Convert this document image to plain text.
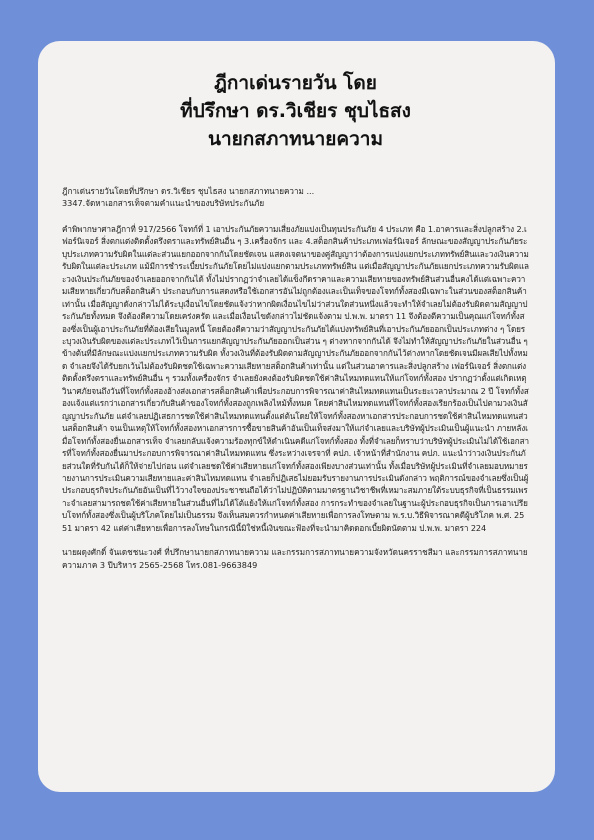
ฎีกาเด่นรายวัน โดย
ที่ปรึกษา ดร.วิเชียร ชุบไธสง
นายกสภาทนายความ
ฎีกาเด่นรายวันโดยที่ปรึกษา ดร.วิเชียร ชุบไธสง นายกสภาทนายความ ...
3347.จัดหาเอกสารเท็จตามคำแนะนำของบริษัทประกันภัย

คำพิพากษาศาลฎีกาที่ 917/2566 โจทก์ที่ 1 เอาประกันภัยความเสี่ยงภัยแบ่งเป็นทุนประกันภัย 4 ประเภท คือ 1.อาคารและสิ่งปลูกสร้าง 2.เฟอร์นิเจอร์ สิ่งตกแต่งติดตั้งตรึงตราและทรัพย์สินอื่น ๆ 3.เครื่องจักร และ 4.สต็อกสินค้าประเภทเฟอร์นิเจอร์ ลักษณะของสัญญาประกันภัยระบุประเภทความรับผิดในแต่ละส่วนแยกออกจากกันโดยชัดเจน แสดงเจตนาของคู่สัญญาว่าต้องการแบ่งแยกประเภททรัพย์สินและวงเงินความรับผิดในแต่ละประเภท แม้มีการชำระเบี้ยประกันภัยโดยไม่แบ่งแยกตามประเภททรัพย์สิน แต่เมื่อสัญญาประกันภัยแยกประเภทความรับผิดและวงเงินประกันภัยของจำเลยออกจากกันได้ ทั้งไม่ปรากฏว่าจำเลยได้แข็งกีดราคาและความเสียหายของทรัพย์สินส่วนอื่นคงได้แต่เฉพาะความเสียหายเกี่ยวกับสต็อกสินค้า ประกอบกับการแสดงหรือใช้เอกสารอันไม่ถูกต้องและเป็นเท็จของโจทก์ทั้งสองมีเฉพาะในส่วนของสต็อกสินค้าเท่านั้น เมื่อสัญญาดังกล่าวไม่ได้ระบุเงื่อนไขโดยชัดแจ้งว่าหากผิดเงื่อนไขไม่ว่าส่วนใดส่วนหนึ่งแล้วจะทำให้จำเลยไม่ต้องรับผิดตามสัญญาประกันภัยทั้งหมด จึงต้องตีความโดยเคร่งครัด และเมื่อเงื่อนไขดังกล่าวไม่ชัดแจ้งตาม ป.พ.พ. มาตรา 11 จึงต้องตีความเป็นคุณแก่โจทก์ทั้งสองซึ่งเป็นผู้เอาประกันภัยที่ต้องเสียในมูลหนี้ โดยต้องตีความว่าสัญญาประกันภัยได้แบ่งทรัพย์สินที่เอาประกันภัยออกเป็นประเภทต่าง ๆ โดยระบุวงเงินรับผิดของแต่ละประเภทไว้เป็นการแยกสัญญาประกันภัยออกเป็นส่วน ๆ ต่างหากจากกันได้ จึงไม่ทำให้สัญญาประกันภัยในส่วนอื่น ๆ ข้างต้นที่มีลักษณะแบ่งแยกประเภทความรับผิด ทั้งวงเงินที่ต้องรับผิดตามสัญญาประกันภัยออกจากกันไว้ต่างหากโดยชัดเจนมีผลเสียไปทั้งหมด จำเลยจึงได้รับยกเว้นไม่ต้องรับผิดชดใช้เฉพาะความเสียหายสต็อกสินค้าเท่านั้น แต่ในส่วนอาคารและสิ่งปลูกสร้าง เฟอร์นิเจอร์ สิ่งตกแต่งติดตั้งตรึงตราและทรัพย์สินอื่น ๆ รวมทั้งเครื่องจักร จำเลยยังคงต้องรับผิดชดใช้ค่าสินไหมทดแทนให้แก่โจทก์ทั้งสอง ปรากฏว่าตั้งแต่เกิดเหตุวินาศภัยจนถึงวันที่โจทก์ทั้งสองอ้างส่งเอกสารสต็อกสินค้าเพื่อประกอบการพิจารณาค่าสินไหมทดแทนเป็นระยะเวลาประมาณ 2 ปี โจทก์ทั้งสองแจ้งแต่แรกว่าเอกสารเกี่ยวกับสินค้าของโจทก์ทั้งสองถูกเพลิงไหม้ทั้งหมด โดยค่าสินไหมทดแทนที่โจทก์ทั้งสองเรียกร้องเป็นไปตามวงเงินสัญญาประกันภัย แต่จำเลยปฏิเสธการชดใช้ค่าสินไหมทดแทนตั้งแต่ต้นโดยให้โจทก์ทั้งสองหาเอกสารประกอบการชดใช้ค่าสินไหมทดแทนส่วนสต็อกสินค้า จนเป็นเหตุให้โจทก์ทั้งสองหาเอกสารการซื้อขายสินค้าอันเป็นเท็จส่งมาให้แก่จำเลยและบริษัทผู้ประเมินเป็นผู้แนะนำ ภายหลังเมื่อโจทก์ทั้งสองยื่นเอกสารเท็จ จำเลยกลับแจ้งความร้องทุกข์ให้ดำเนินคดีแก่โจทก์ทั้งสอง ทั้งที่จำเลยก็ทราบว่าบริษัทผู้ประเมินไม่ได้ใช้เอกสารที่โจทก์ทั้งสองยื่นมาประกอบการพิจารณาค่าสินไหมทดแทน ซึ่งระหว่างเจรจาที่ คปภ. เจ้าหน้าที่สำนักงาน คปภ. แนะนำว่าวงเงินประกันภัยส่วนใดที่รับกันได้ก็ให้จ่ายไปก่อน แต่จำเลยชดใช้ค่าเสียหายแก่โจทก์ทั้งสองเพียงบางส่วนเท่านั้น ทั้งเมื่อบริษัทผู้ประเมินที่จำเลยมอบหมายรายงานการประเมินความเสียหายและค่าสินไหมทดแทน จำเลยก็ปฏิเสธไม่ยอมรับรายงานการประเมินดังกล่าว พฤติการณ์ของจำเลยซึ่งเป็นผู้ประกอบธุรกิจประกันภัยอันเป็นที่ไว้วางใจของประชาชนถือได้ว่าไม่ปฏิบัติตามมาตรฐานวิชาชีพที่เหมาะสมภายใต้ระบบธุรกิจที่เป็นธรรมเพราะจำเลยสามารถชดใช้ค่าเสียหายในส่วนอื่นที่ไม่ได้โต้แย้งให้แก่โจทก์ทั้งสอง การกระทำของจำเลยในฐานะผู้ประกอบธุรกิจเป็นการเอาเปรียบโจทก์ทั้งสองซึ่งเป็นผู้บริโภคโดยไม่เป็นธรรม จึงเห็นสมควรกำหนดค่าเสียหายเพื่อการลงโทษตาม พ.ร.บ.วิธีพิจารณาคดีผู้บริโภค พ.ศ. 2551 มาตรา 42 แต่ค่าเสียหายเพื่อการลงโทษในกรณีนี้มิใช่หนี้เงินขณะฟ้องที่จะนำมาคิดดอกเบี้ยผิดนัดตาม ป.พ.พ. มาตรา 224

นายผดุงศักดิ์ จันเดชชนะวงศ์ ที่ปรึกษานายกสภาทนายความ และกรรมการสภาทนายความจังหวัดนครราชสีมา และกรรมการสภาทนายความภาค 3 ปีบริหาร 2565-2568 โทร.081-9663849
